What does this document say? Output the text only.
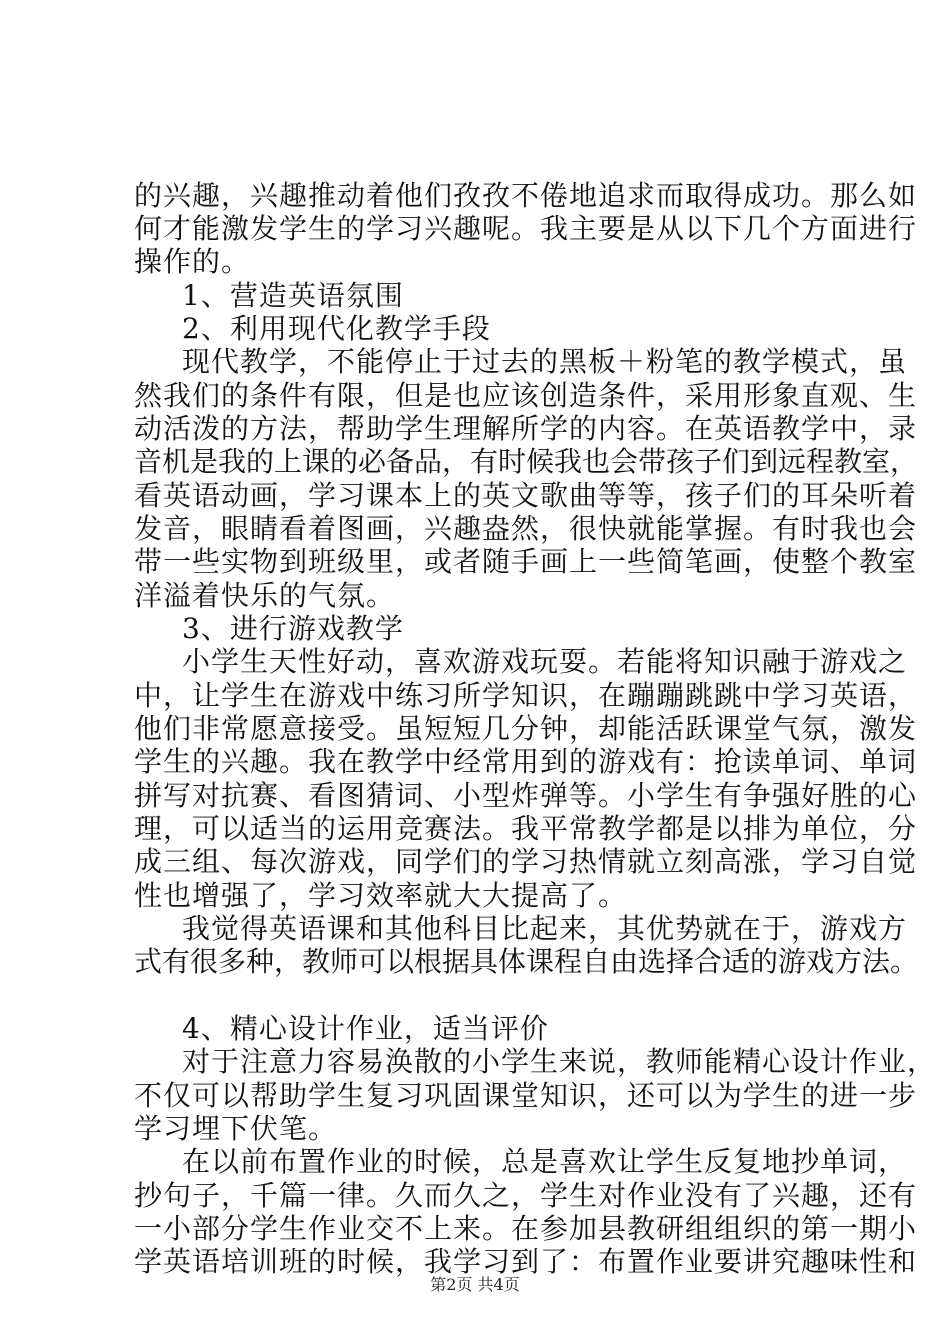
的兴趣，兴趣推动着他们孜孜不倦地追求而取得成功。那么如
何才能激发学生的学习兴趣呢。我主要是从以下几个方面进行
操作的。
1、营造英语氛围
2、利用现代化教学手段
现代教学，不能停止于过去的黑板＋粉笔的教学模式，虽
然我们的条件有限，但是也应该创造条件，采用形象直观、生
动活泼的方法，帮助学生理解所学的内容。在英语教学中，录
音机是我的上课的必备品，有时候我也会带孩子们到远程教室，
看英语动画，学习课本上的英文歌曲等等，孩子们的耳朵听着
发音，眼睛看着图画，兴趣盎然，很快就能掌握。有时我也会
带一些实物到班级里，或者随手画上一些简笔画，使整个教室
洋溢着快乐的气氛。
3、进行游戏教学
小学生天性好动，喜欢游戏玩耍。若能将知识融于游戏之
中，让学生在游戏中练习所学知识，在蹦蹦跳跳中学习英语，
他们非常愿意接受。虽短短几分钟，却能活跃课堂气氛，激发
学生的兴趣。我在教学中经常用到的游戏有：抢读单词、单词
拼写对抗赛、看图猜词、小型炸弹等。小学生有争强好胜的心
理，可以适当的运用竞赛法。我平常教学都是以排为单位，分
成三组、每次游戏，同学们的学习热情就立刻高涨，学习自觉
性也增强了，学习效率就大大提高了。
我觉得英语课和其他科目比起来，其优势就在于，游戏方
式有很多种，教师可以根据具体课程自由选择合适的游戏方法。
4、精心设计作业，适当评价
对于注意力容易涣散的小学生来说，教师能精心设计作业，
不仅可以帮助学生复习巩固课堂知识，还可以为学生的进一步
学习埋下伏笔。
在以前布置作业的时候，总是喜欢让学生反复地抄单词，
抄句子，千篇一律。久而久之，学生对作业没有了兴趣，还有
一小部分学生作业交不上来。在参加县教研组组织的第一期小
学英语培训班的时候，我学习到了：布置作业要讲究趣味性和
第2页 共4页
